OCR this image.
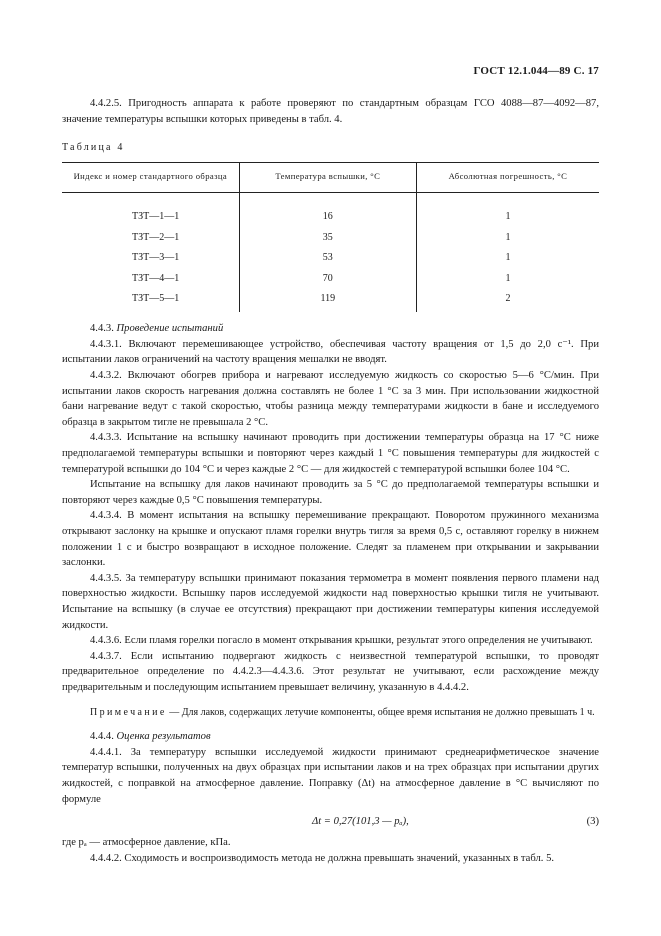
ГОСТ 12.1.044—89 С. 17

4.4.2.5. Пригодность аппарата к работе проверяют по стандартным образцам ГСО 4088—87—4092—87, значение температуры вспышки которых приведены в табл. 4.

Таблица 4
Индекс и номер стандартного образца	Температура вспышки, °С	Абсолютная погрешность, °С

ТЗТ—1—1	16	1
ТЗТ—2—1	35	1
ТЗТ—3—1	53	1
ТЗТ—4—1	70	1
ТЗТ—5—1	119	2

4.4.3. Проведение испытаний

4.4.3.1. Включают перемешивающее устройство, обеспечивая частоту вращения от 1,5 до 2,0 с⁻¹. При испытании лаков ограничений на частоту вращения мешалки не вводят.

4.4.3.2. Включают обогрев прибора и нагревают исследуемую жидкость со скоростью 5—6 °С/мин. При испытании лаков скорость нагревания должна составлять не более 1 °С за 3 мин. При использовании жидкостной бани нагревание ведут с такой скоростью, чтобы разница между температурами жидкости в бане и исследуемого образца в закрытом тигле не превышала 2 °С.

4.4.3.3. Испытание на вспышку начинают проводить при достижении температуры образца на 17 °С ниже предполагаемой температуры вспышки и повторяют через каждый 1 °С повышения температуры для жидкостей с температурой вспышки до 104 °С и через каждые 2 °С — для жидкостей с температурой вспышки более 104 °С.

Испытание на вспышку для лаков начинают проводить за 5 °С до предполагаемой температуры вспышки и повторяют через каждые 0,5 °С повышения температуры.

4.4.3.4. В момент испытания на вспышку перемешивание прекращают. Поворотом пружинного механизма открывают заслонку на крышке и опускают пламя горелки внутрь тигля за время 0,5 с, оставляют горелку в нижнем положении 1 с и быстро возвращают в исходное положение. Следят за пламенем при открывании и закрывании заслонки.

4.4.3.5. За температуру вспышки принимают показания термометра в момент появления первого пламени над поверхностью жидкости. Вспышку паров исследуемой жидкости над поверхностью крышки тигля не учитывают. Испытание на вспышку (в случае ее отсутствия) прекращают при достижении температуры кипения исследуемой жидкости.

4.4.3.6. Если пламя горелки погасло в момент открывания крышки, результат этого определения не учитывают.

4.4.3.7. Если испытанию подвергают жидкость с неизвестной температурой вспышки, то проводят предварительное определение по 4.4.2.3—4.4.3.6. Этот результат не учитывают, если расхождение между предварительным и последующим испытанием превышает величину, указанную в 4.4.4.2.

Примечание — Для лаков, содержащих летучие компоненты, общее время испытания не должно превышать 1 ч.

4.4.4. Оценка результатов

4.4.4.1. За температуру вспышки исследуемой жидкости принимают среднеарифметическое значение температур вспышки, полученных на двух образцах при испытании лаков и на трех образцах при испытании других жидкостей, с поправкой на атмосферное давление. Поправку (Δt) на атмосферное давление в °С вычисляют по формуле

Δt = 0,27(101,3 — pₐ),	(3)

где pₐ — атмосферное давление, кПа.

4.4.4.2. Сходимость и воспроизводимость метода не должна превышать значений, указанных в табл. 5.
